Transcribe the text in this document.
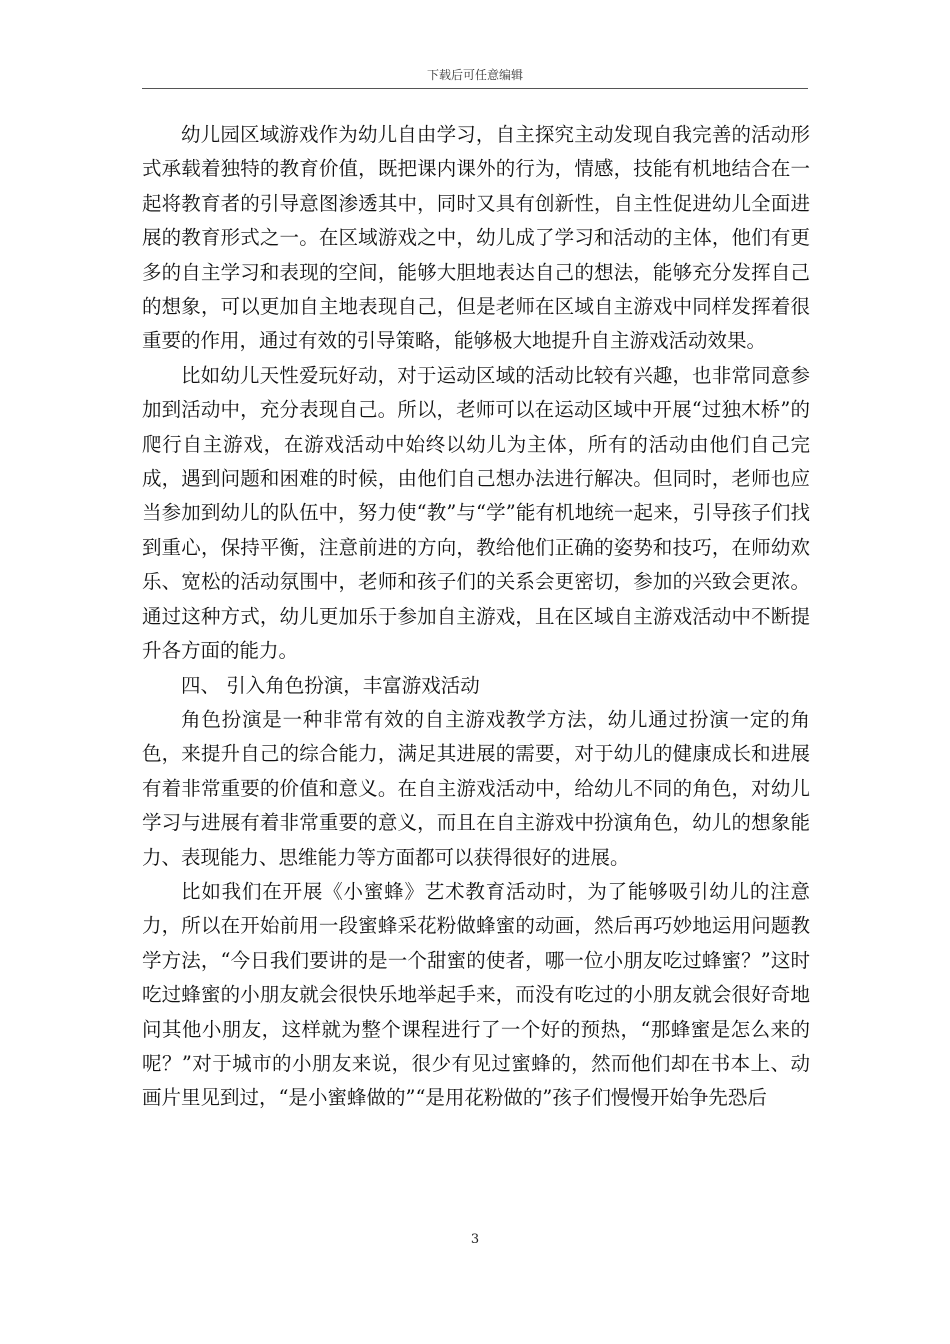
下载后可任意编辑

幼儿园区域游戏作为幼儿自由学习，自主探究主动发现自我完善的活动形式承载着独特的教育价值，既把课内课外的行为，情感，技能有机地结合在一起将教育者的引导意图渗透其中，同时又具有创新性，自主性促进幼儿全面进展的教育形式之一。在区域游戏之中，幼儿成了学习和活动的主体，他们有更多的自主学习和表现的空间，能够大胆地表达自己的想法，能够充分发挥自己的想象，可以更加自主地表现自己，但是老师在区域自主游戏中同样发挥着很重要的作用，通过有效的引导策略，能够极大地提升自主游戏活动效果。

比如幼儿天性爱玩好动，对于运动区域的活动比较有兴趣，也非常同意参加到活动中，充分表现自己。所以，老师可以在运动区域中开展“过独木桥”的爬行自主游戏，在游戏活动中始终以幼儿为主体，所有的活动由他们自己完成，遇到问题和困难的时候，由他们自己想办法进行解决。但同时，老师也应当参加到幼儿的队伍中，努力使“教”与“学”能有机地统一起来，引导孩子们找到重心，保持平衡，注意前进的方向，教给他们正确的姿势和技巧，在师幼欢乐、宽松的活动氛围中，老师和孩子们的关系会更密切，参加的兴致会更浓。通过这种方式，幼儿更加乐于参加自主游戏，且在区域自主游戏活动中不断提升各方面的能力。

四、 引入角色扮演，丰富游戏活动

角色扮演是一种非常有效的自主游戏教学方法，幼儿通过扮演一定的角色，来提升自己的综合能力，满足其进展的需要，对于幼儿的健康成长和进展有着非常重要的价值和意义。在自主游戏活动中，给幼儿不同的角色，对幼儿学习与进展有着非常重要的意义，而且在自主游戏中扮演角色，幼儿的想象能力、表现能力、思维能力等方面都可以获得很好的进展。

比如我们在开展《小蜜蜂》艺术教育活动时，为了能够吸引幼儿的注意力，所以在开始前用一段蜜蜂采花粉做蜂蜜的动画，然后再巧妙地运用问题教学方法，“今日我们要讲的是一个甜蜜的使者，哪一位小朋友吃过蜂蜜？”这时吃过蜂蜜的小朋友就会很快乐地举起手来，而没有吃过的小朋友就会很好奇地问其他小朋友，这样就为整个课程进行了一个好的预热，“那蜂蜜是怎么来的呢？”对于城市的小朋友来说，很少有见过蜜蜂的，然而他们却在书本上、动画片里见到过，“是小蜜蜂做的”“是用花粉做的”孩子们慢慢开始争先恐后

3
